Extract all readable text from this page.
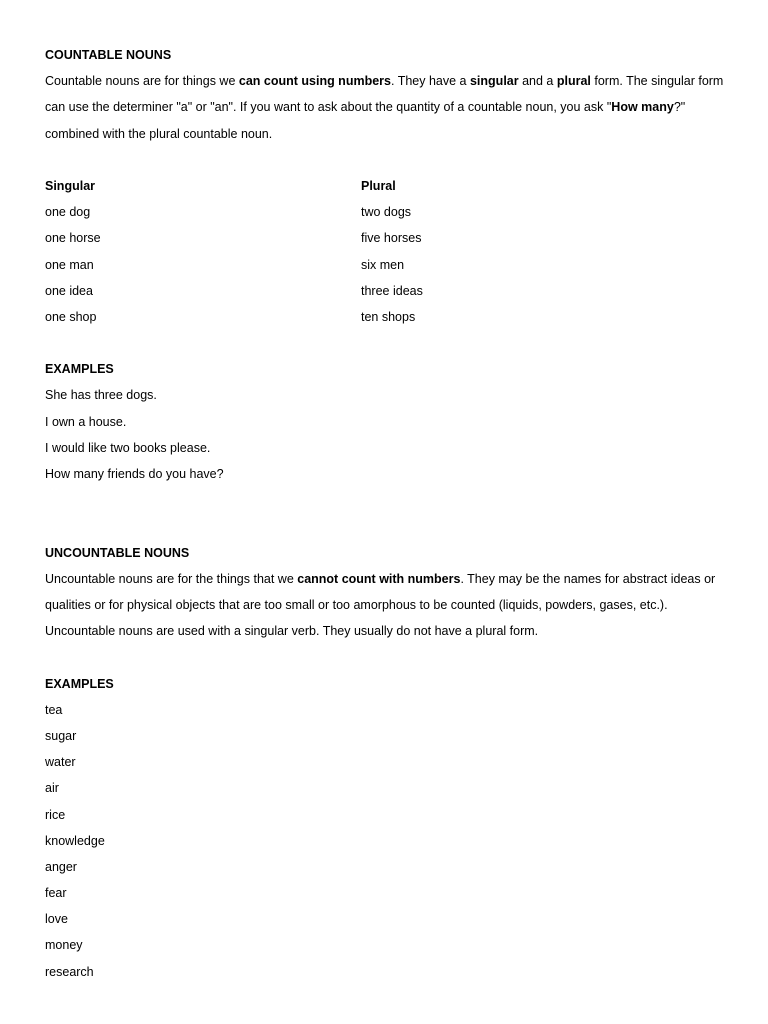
COUNTABLE NOUNS
Countable nouns are for things we can count using numbers. They have a singular and a plural form. The singular form can use the determiner "a" or "an". If you want to ask about the quantity of a countable noun, you ask "How many?" combined with the plural countable noun.
Singular	Plural
one dog	two dogs
one horse	five horses
one man	six men
one idea	three ideas
one shop	ten shops
EXAMPLES
She has three dogs.
I own a house.
I would like two books please.
How many friends do you have?
UNCOUNTABLE NOUNS
Uncountable nouns are for the things that we cannot count with numbers. They may be the names for abstract ideas or qualities or for physical objects that are too small or too amorphous to be counted (liquids, powders, gases, etc.). Uncountable nouns are used with a singular verb. They usually do not have a plural form.
EXAMPLES
tea
sugar
water
air
rice
knowledge
anger
fear
love
money
research
